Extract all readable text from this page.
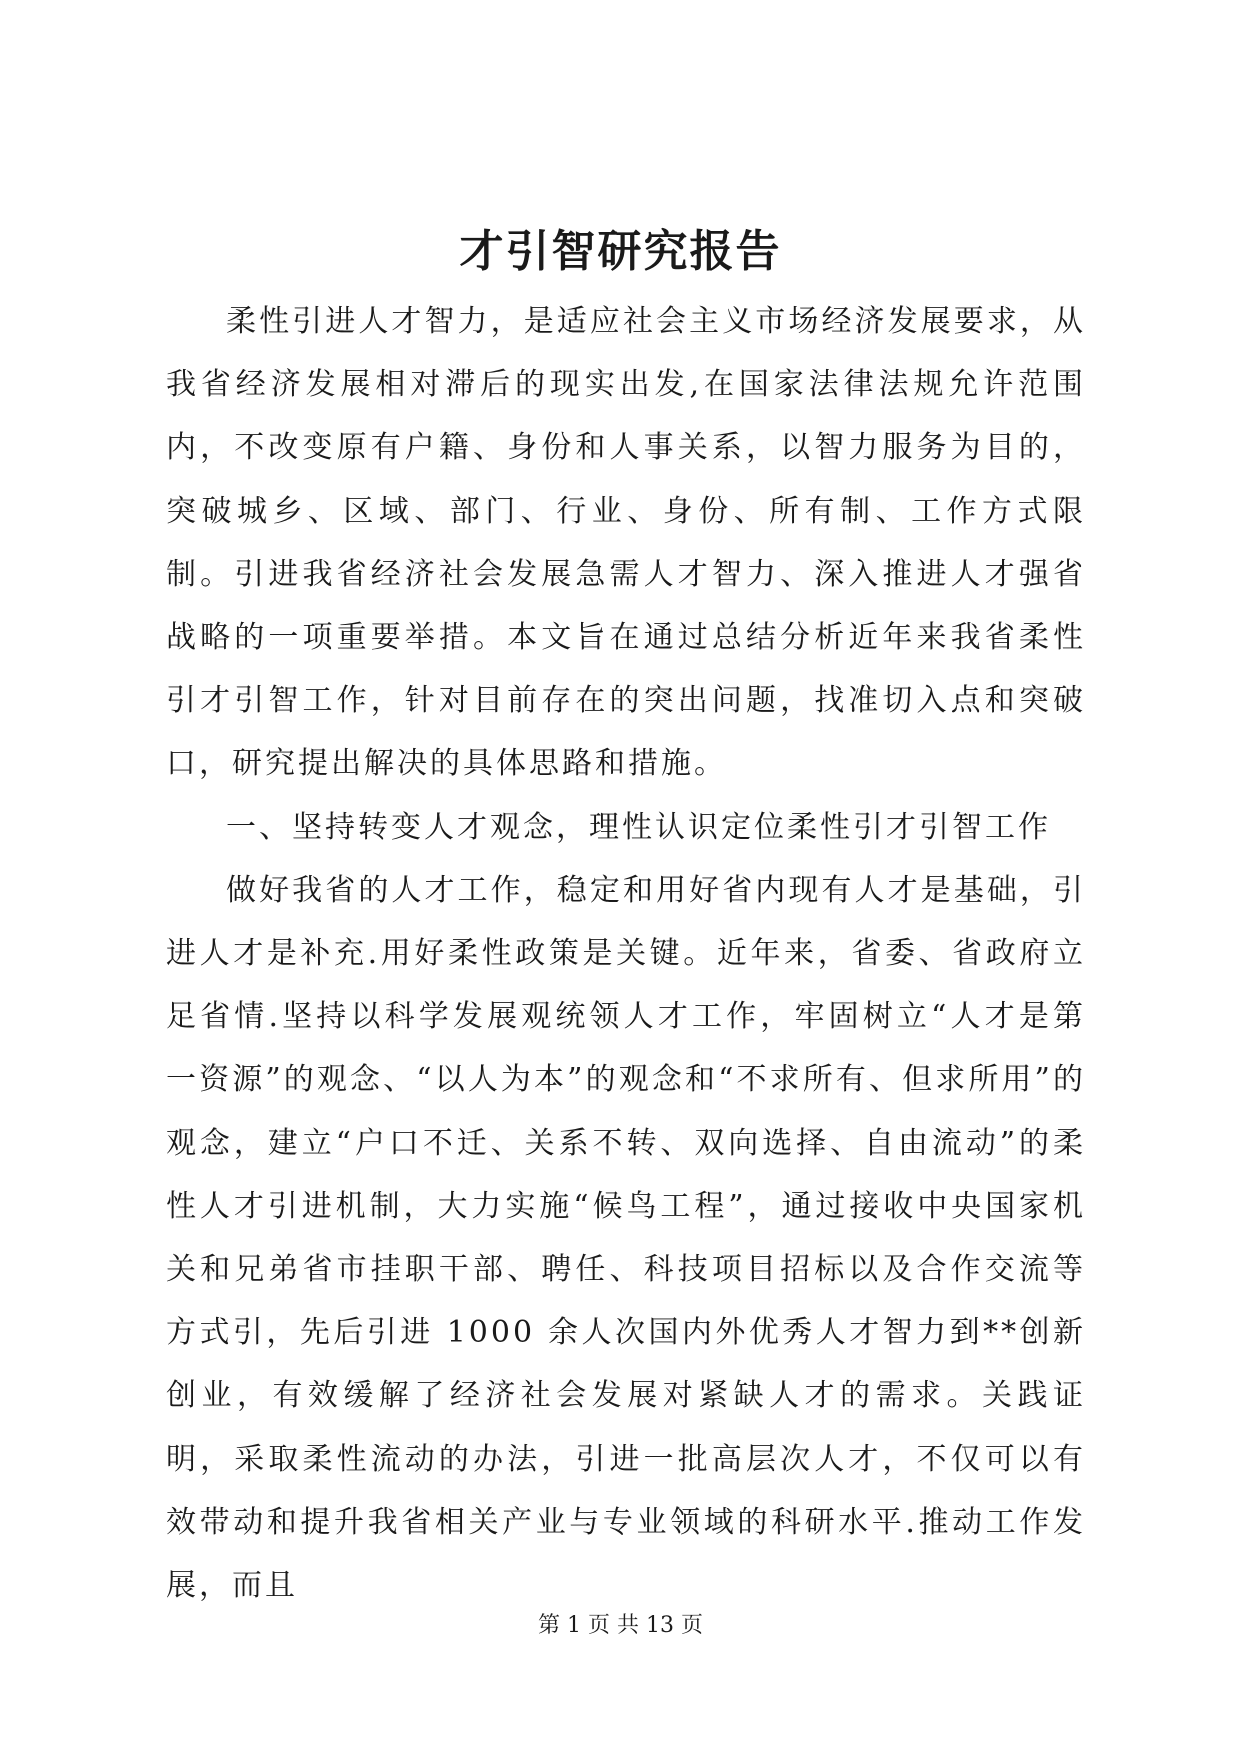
才引智研究报告

柔性引进人才智力，是适应社会主义市场经济发展要求，从我省经济发展相对滞后的现实出发,在国家法律法规允许范围内，不改变原有户籍、身份和人事关系，以智力服务为目的，突破城乡、区域、部门、行业、身份、所有制、工作方式限制。引进我省经济社会发展急需人才智力、深入推进人才强省战略的一项重要举措。本文旨在通过总结分析近年来我省柔性引才引智工作，针对目前存在的突出问题，找准切入点和突破口，研究提出解决的具体思路和措施。

一、坚持转变人才观念，理性认识定位柔性引才引智工作

做好我省的人才工作，稳定和用好省内现有人才是基础，引进人才是补充.用好柔性政策是关键。近年来，省委、省政府立足省情.坚持以科学发展观统领人才工作，牢固树立“人才是第一资源”的观念、“以人为本”的观念和“不求所有、但求所用”的观念，建立“户口不迁、关系不转、双向选择、自由流动”的柔性人才引进机制，大力实施“候鸟工程”，通过接收中央国家机关和兄弟省市挂职干部、聘任、科技项目招标以及合作交流等方式引，先后引进 1000 余人次国内外优秀人才智力到**创新创业，有效缓解了经济社会发展对紧缺人才的需求。关践证明，采取柔性流动的办法，引进一批高层次人才，不仅可以有效带动和提升我省相关产业与专业领域的科研水平.推动工作发展，而且

第 1 页 共 13 页
